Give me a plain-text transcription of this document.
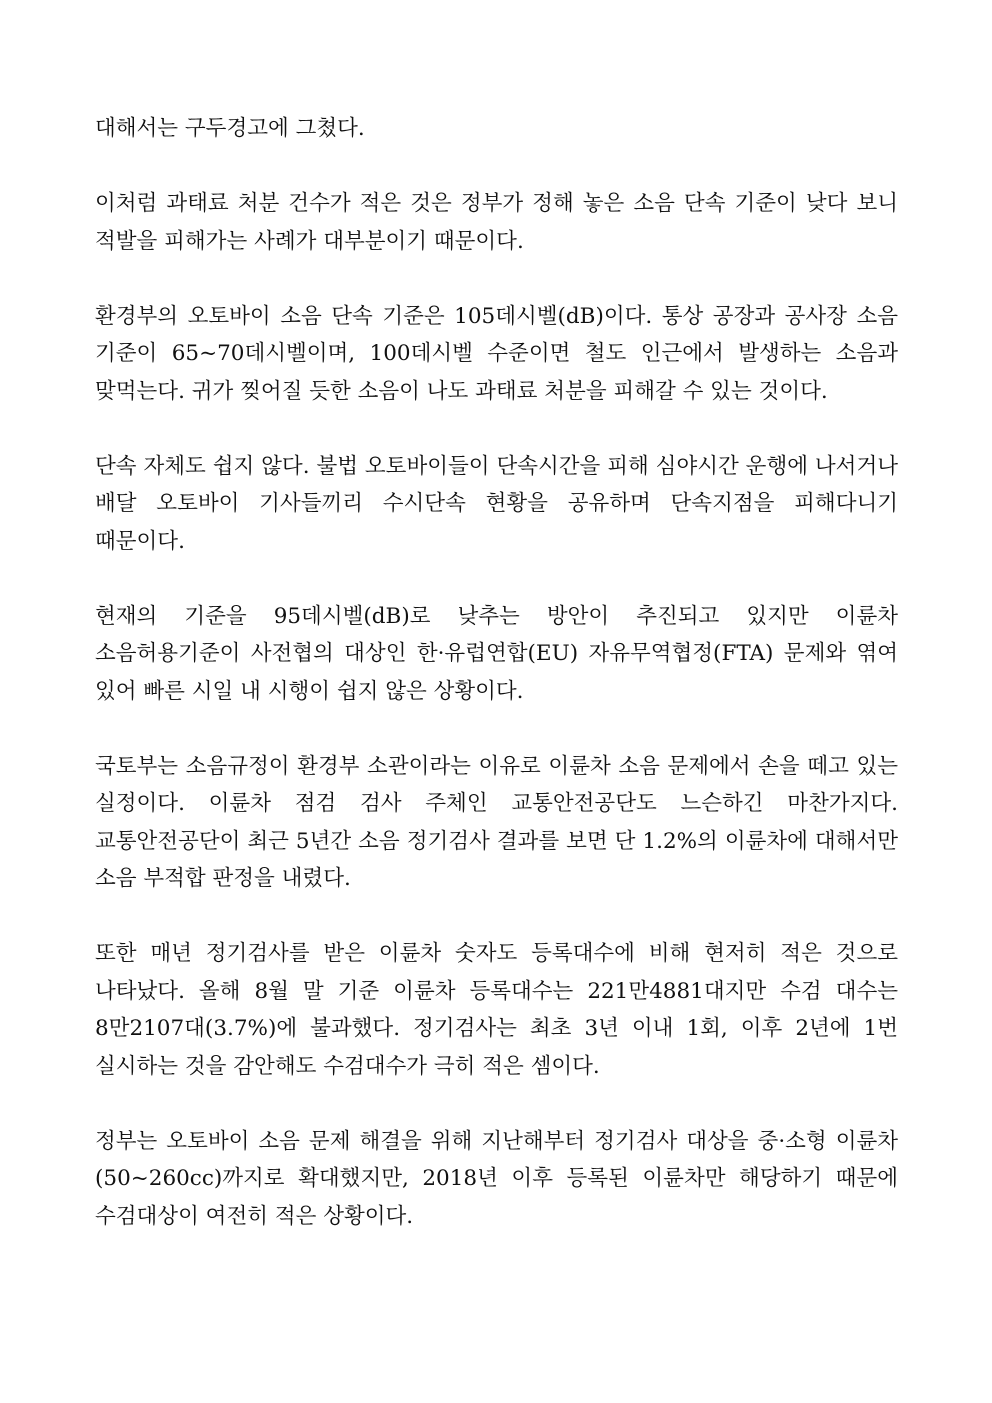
대해서는 구두경고에 그쳤다.

이처럼 과태료 처분 건수가 적은 것은 정부가 정해 놓은 소음 단속 기준이 낮다 보니 적발을 피해가는 사례가 대부분이기 때문이다.

환경부의 오토바이 소음 단속 기준은 105데시벨(dB)이다. 통상 공장과 공사장 소음 기준이 65~70데시벨이며, 100데시벨 수준이면 철도 인근에서 발생하는 소음과 맞먹는다. 귀가 찢어질 듯한 소음이 나도 과태료 처분을 피해갈 수 있는 것이다.

단속 자체도 쉽지 않다. 불법 오토바이들이 단속시간을 피해 심야시간 운행에 나서거나 배달 오토바이 기사들끼리 수시단속 현황을 공유하며 단속지점을 피해다니기 때문이다.

현재의 기준을 95데시벨(dB)로 낮추는 방안이 추진되고 있지만 이륜차 소음허용기준이 사전협의 대상인 한·유럽연합(EU) 자유무역협정(FTA) 문제와 엮여 있어 빠른 시일 내 시행이 쉽지 않은 상황이다.

국토부는 소음규정이 환경부 소관이라는 이유로 이륜차 소음 문제에서 손을 떼고 있는 실정이다. 이륜차 점검 검사 주체인 교통안전공단도 느슨하긴 마찬가지다. 교통안전공단이 최근 5년간 소음 정기검사 결과를 보면 단 1.2%의 이륜차에 대해서만 소음 부적합 판정을 내렸다.

또한 매년 정기검사를 받은 이륜차 숫자도 등록대수에 비해 현저히 적은 것으로 나타났다. 올해 8월 말 기준 이륜차 등록대수는 221만4881대지만 수검 대수는 8만2107대(3.7%)에 불과했다. 정기검사는 최초 3년 이내 1회, 이후 2년에 1번 실시하는 것을 감안해도 수검대수가 극히 적은 셈이다.

정부는 오토바이 소음 문제 해결을 위해 지난해부터 정기검사 대상을 중·소형 이륜차(50~260cc)까지로 확대했지만, 2018년 이후 등록된 이륜차만 해당하기 때문에 수검대상이 여전히 적은 상황이다.
